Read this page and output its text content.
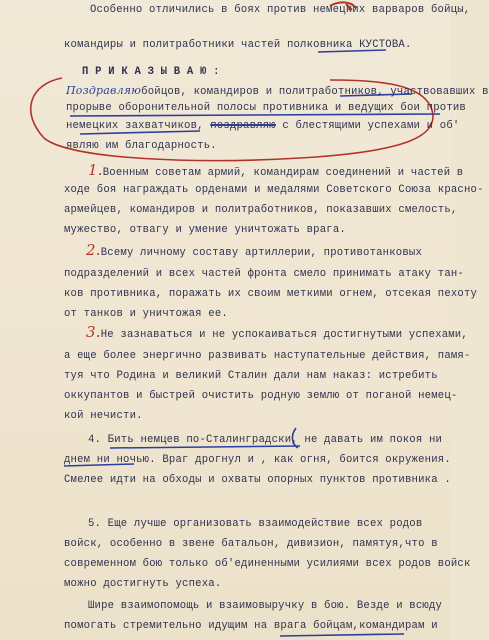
Особенно отличились в боях против немецких варваров бойцы,
командиры и политработники частей полковника КУСТОВА.
П Р И К А З Ы В А Ю :
Поздравляюбойцов, командиров и политработников, участвовавших в
прорыве оборонительной полосы противника и ведущих бои против
немецких захватчиков, поздравляю с блестящими успехами и об'
являю им благодарность.
1.Военным советам армий, командирам соединений и частей в
ходе боя награждать орденами и медалями Советского Союза красно-
армейцев, командиров и политработников, показавших смелость,
мужество, отвагу и умение уничтожать врага.
2.Всему личному составу артиллерии, противотанковых
подразделений и всех частей фронта смело принимать атаку тан-
ков противника, поражать их своим меткими огнем, отсекая пехоту
от танков и уничтожая ее.
3.Не зазнаваться и не успокаиваться достигнутыми успехами,
а еще более энергично развивать наступательные действия, памя-
туя что Родина и великий Сталин дали нам наказ: истребить
оккупантов и быстрей очистить родную землю от поганой немец-
кой нечисти.
4. Бить немцев по-Сталинградски, не давать им покоя ни
днем ни ночью. Враг дрогнул и , как огня, боится окружения.
Смелее идти на обходы и охваты опорных пунктов противника .
5. Еще лучше организовать взаимодействие всех родов
войск, особенно в звене батальон, дивизион, памятуя,что в
современном бою только об'единенными усилиями всех родов войск
можно достигнуть успеха.
Шире взаимопомощь и взаимовыручку в бою. Везде и всюду
помогать стремительно идущим на врага бойцам,командирам и
